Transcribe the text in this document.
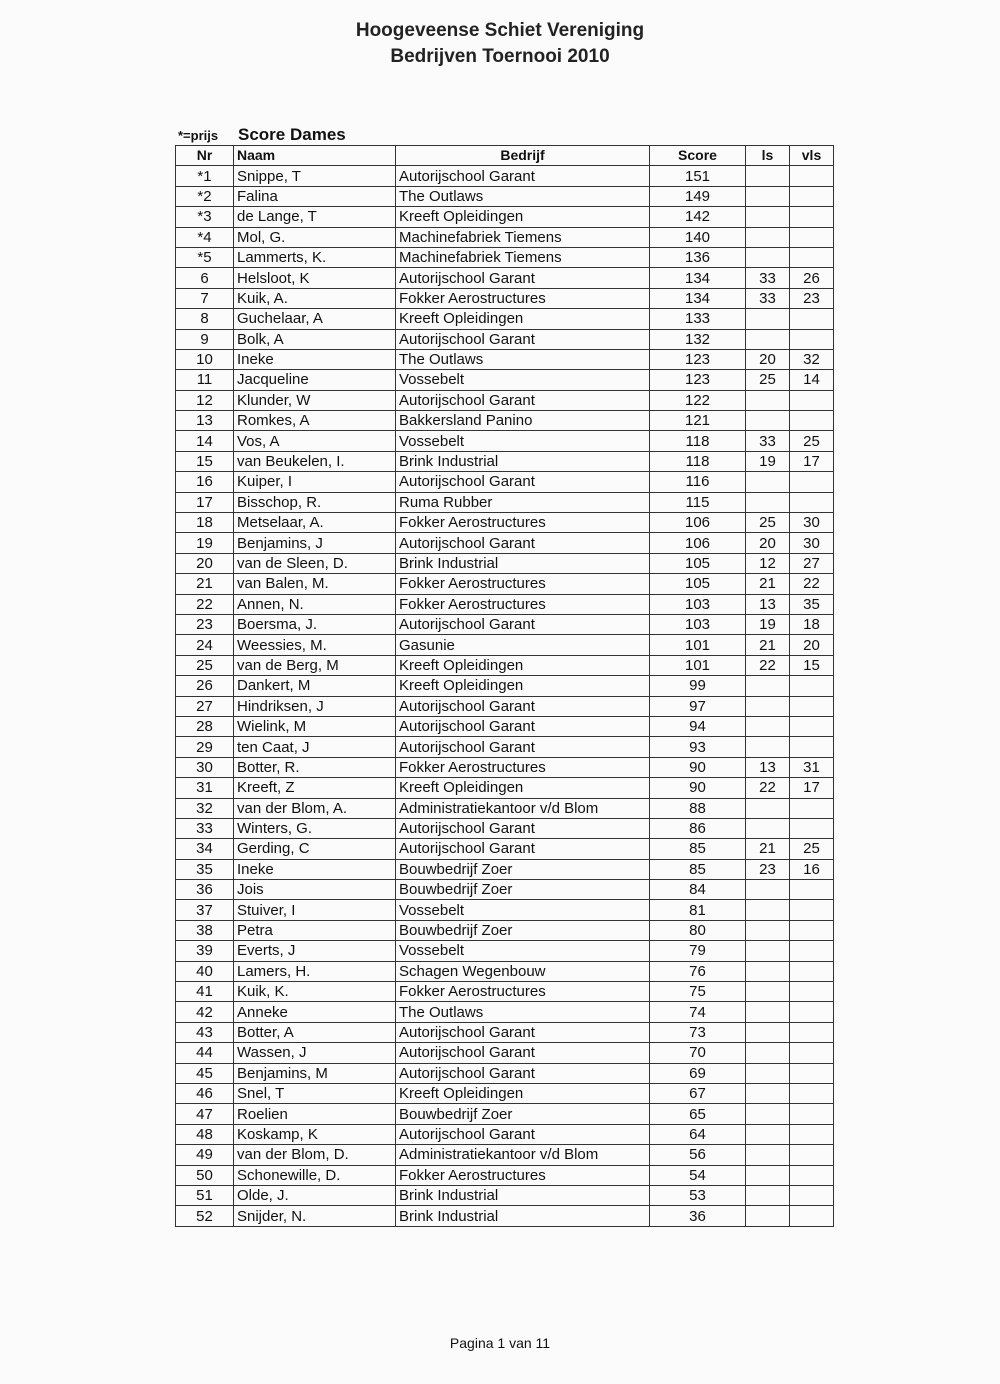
Hoogeveense Schiet Vereniging
Bedrijven Toernooi 2010
*=prijs Score Dames
Nr	Naam	Bedrijf	Score	ls	vls
*1	Snippe, T	Autorijschool Garant	151		
*2	Falina	The Outlaws	149		
*3	de Lange, T	Kreeft Opleidingen	142		
*4	Mol, G.	Machinefabriek Tiemens	140		
*5	Lammerts, K.	Machinefabriek Tiemens	136		
6	Helsloot, K	Autorijschool Garant	134	33	26
7	Kuik, A.	Fokker Aerostructures	134	33	23
8	Guchelaar, A	Kreeft Opleidingen	133		
9	Bolk, A	Autorijschool Garant	132		
10	Ineke	The Outlaws	123	20	32
11	Jacqueline	Vossebelt	123	25	14
12	Klunder, W	Autorijschool Garant	122		
13	Romkes, A	Bakkersland Panino	121		
14	Vos, A	Vossebelt	118	33	25
15	van Beukelen, I.	Brink Industrial	118	19	17
16	Kuiper, I	Autorijschool Garant	116		
17	Bisschop, R.	Ruma Rubber	115		
18	Metselaar, A.	Fokker Aerostructures	106	25	30
19	Benjamins, J	Autorijschool Garant	106	20	30
20	van de Sleen, D.	Brink Industrial	105	12	27
21	van Balen, M.	Fokker Aerostructures	105	21	22
22	Annen, N.	Fokker Aerostructures	103	13	35
23	Boersma, J.	Autorijschool Garant	103	19	18
24	Weessies, M.	Gasunie	101	21	20
25	van de Berg, M	Kreeft Opleidingen	101	22	15
26	Dankert, M	Kreeft Opleidingen	99		
27	Hindriksen, J	Autorijschool Garant	97		
28	Wielink, M	Autorijschool Garant	94		
29	ten Caat, J	Autorijschool Garant	93		
30	Botter, R.	Fokker Aerostructures	90	13	31
31	Kreeft, Z	Kreeft Opleidingen	90	22	17
32	van der Blom, A.	Administratiekantoor v/d Blom	88		
33	Winters, G.	Autorijschool Garant	86		
34	Gerding, C	Autorijschool Garant	85	21	25
35	Ineke	Bouwbedrijf Zoer	85	23	16
36	Jois	Bouwbedrijf Zoer	84		
37	Stuiver, I	Vossebelt	81		
38	Petra	Bouwbedrijf Zoer	80		
39	Everts, J	Vossebelt	79		
40	Lamers, H.	Schagen Wegenbouw	76		
41	Kuik, K.	Fokker Aerostructures	75		
42	Anneke	The Outlaws	74		
43	Botter, A	Autorijschool Garant	73		
44	Wassen, J	Autorijschool Garant	70		
45	Benjamins, M	Autorijschool Garant	69		
46	Snel, T	Kreeft Opleidingen	67		
47	Roelien	Bouwbedrijf Zoer	65		
48	Koskamp, K	Autorijschool Garant	64		
49	van der Blom, D.	Administratiekantoor v/d Blom	56		
50	Schonewille, D.	Fokker Aerostructures	54		
51	Olde, J.	Brink Industrial	53		
52	Snijder, N.	Brink Industrial	36		
Pagina 1 van 11
